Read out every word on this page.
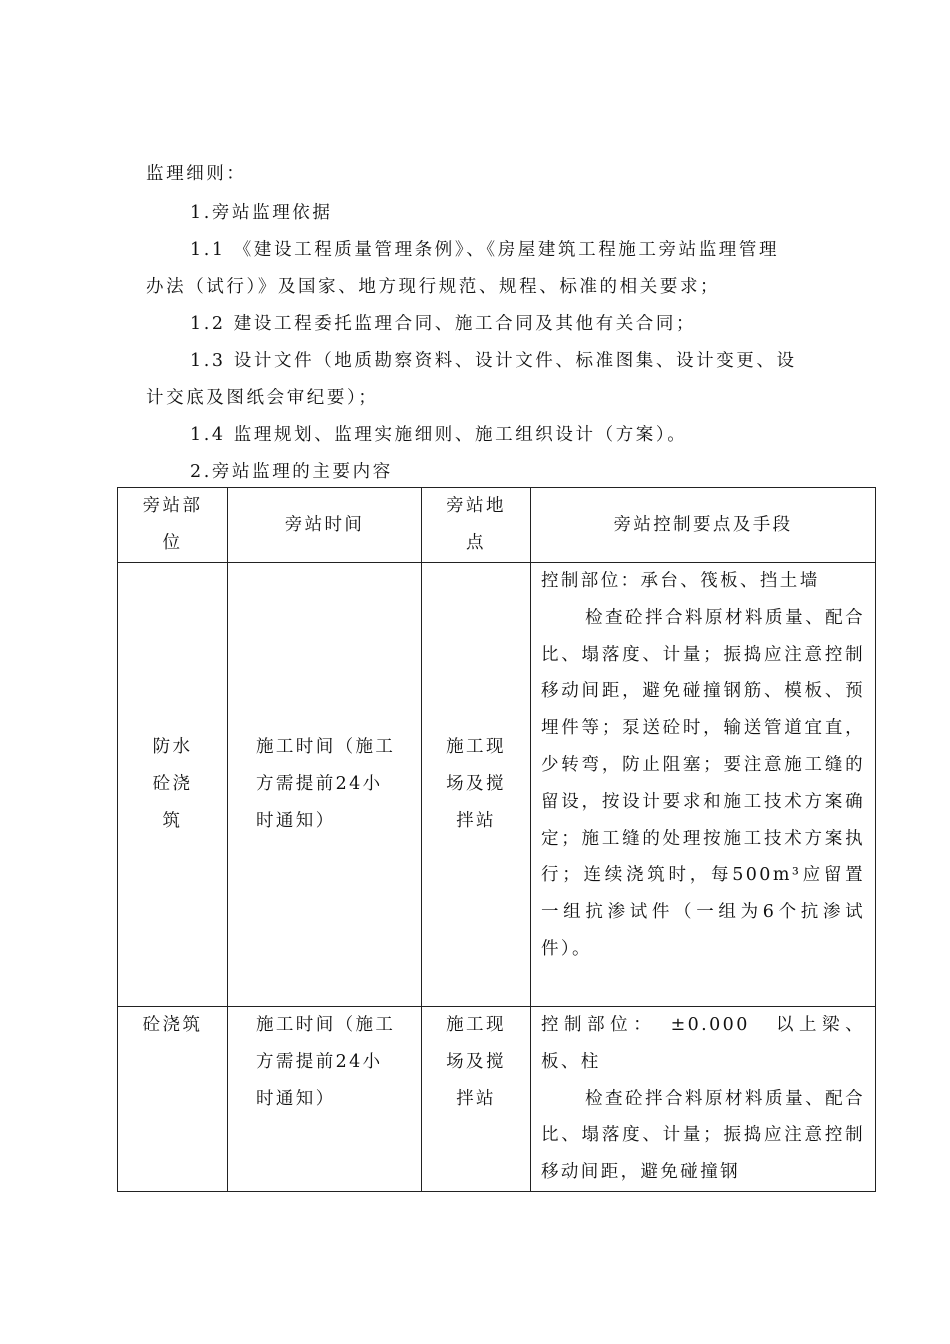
监理细则：
1.旁站监理依据
1.1 《建设工程质量管理条例》、《房屋建筑工程施工旁站监理管理
办法（试行）》及国家、地方现行规范、规程、标准的相关要求；
1.2 建设工程委托监理合同、施工合同及其他有关合同；
1.3 设计文件（地质勘察资料、设计文件、标准图集、设计变更、设
计交底及图纸会审纪要）；
1.4 监理规划、监理实施细则、施工组织设计（方案）。
2.旁站监理的主要内容
旁站部位	旁站时间	旁站地点	旁站控制要点及手段
防水砼浇筑	施工时间（施工方需提前24小时通知）	施工现场及搅拌站	控制部位：承台、筏板、挡土墙
检查砼拌合料原材料质量、配合比、塌落度、计量；振捣应注意控制移动间距，避免碰撞钢筋、模板、预埋件等；泵送砼时，输送管道宜直，少转弯，防止阻塞；要注意施工缝的留设，按设计要求和施工技术方案确定；施工缝的处理按施工技术方案执行；连续浇筑时，每500m³应留置一组抗渗试件（一组为6个抗渗试件）。

砼浇筑	施工时间（施工方需提前24小时通知）	施工现场及搅拌站	控制部位：　±0.000　以上梁、板、柱
检查砼拌合料原材料质量、配合比、塌落度、计量；振捣应注意控制移动间距，避免碰撞钢
